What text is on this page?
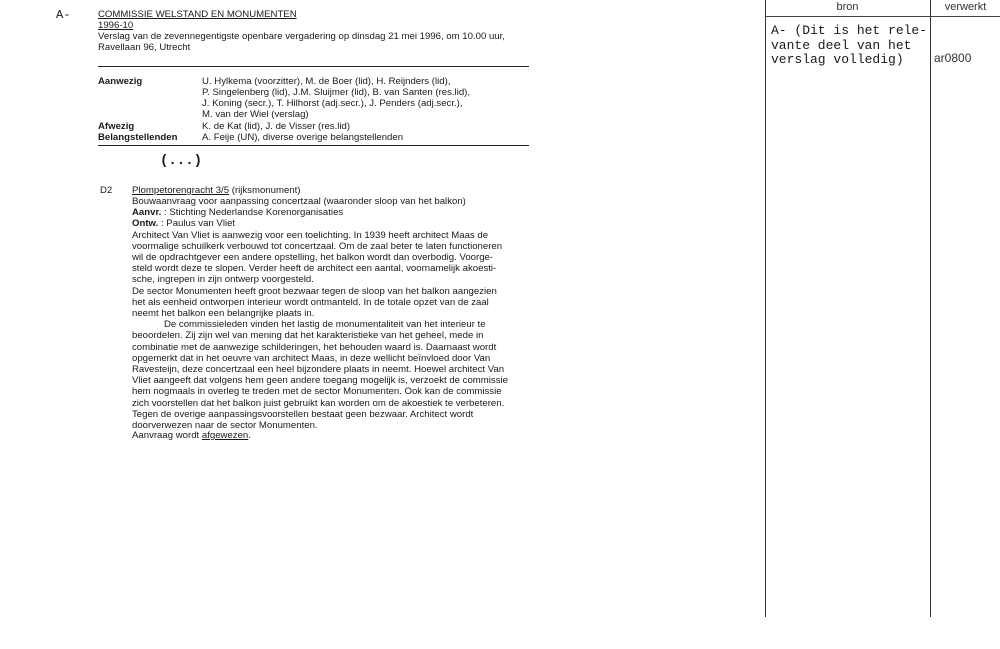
A-	COMMISSIE WELSTAND EN MONUMENTEN
1996-10
Verslag van de zevennegentigste openbare vergadering op dinsdag 21 mei 1996, om 10.00 uur,
Ravellaan 96, Utrecht
Aanwezig	U. Hylkema (voorzitter), M. de Boer (lid), H. Reijnders (lid),
P. Singelenberg (lid), J.M. Sluijmer (lid), B. van Santen (res.lid),
J. Koning (secr.), T. Hilhorst (adj.secr.), J. Penders (adj.secr.),
M. van der Wiel (verslag)
Afwezig	K. de Kat (lid), J. de Visser (res.lid)
Belangstellenden	A. Feije (UN), diverse overige belangstellenden
(...)
D2 Plompetorengracht 3/5 (rijksmonument)
Bouwaanvraag voor aanpassing concertzaal (waaronder sloop van het balkon)
Aanvr. : Stichting Nederlandse Korenorganisaties
Ontw. : Paulus van Vliet
Architect Van Vliet is aanwezig voor een toelichting. In 1939 heeft architect Maas de
voormalige schuilkerk verbouwd tot concertzaal. Om de zaal beter te laten functioneren
wil de opdrachtgever een andere opstelling, het balkon wordt dan overbodig. Voorge-
steld wordt deze te slopen. Verder heeft de architect een aantal, voornamelijk akoesti-
sche, ingrepen in zijn ontwerp voorgesteld.
De sector Monumenten heeft groot bezwaar tegen de sloop van het balkon aangezien
het als eenheid ontworpen interieur wordt ontmanteld. In de totale opzet van de zaal
neemt het balkon een belangrijke plaats in.
De commissieleden vinden het lastig de monumentaliteit van het interieur te
beoordelen. Zij zijn wel van mening dat het karakteristieke van het geheel, mede in
combinatie met de aanwezige schilderingen, het behouden waard is. Daarnaast wordt
opgemerkt dat in het oeuvre van architect Maas, in deze wellicht beïnvloed door Van
Ravesteijn, deze concertzaal een heel bijzondere plaats in neemt. Hoewel architect Van
Vliet aangeeft dat volgens hem geen andere toegang mogelijk is, verzoekt de commissie
hem nogmaals in overleg te treden met de sector Monumenten. Ook kan de commissie
zich voorstellen dat het balkon juist gebruikt kan worden om de akoestiek te verbeteren.
Tegen de overige aanpassingsvoorstellen bestaat geen bezwaar. Architect wordt
doorverwezen naar de sector Monumenten.
Aanvraag wordt afgewezen.
bron	verwerkt
A- (Dit is het rele-
vante deel van het
verslag volledig)	ar0800
